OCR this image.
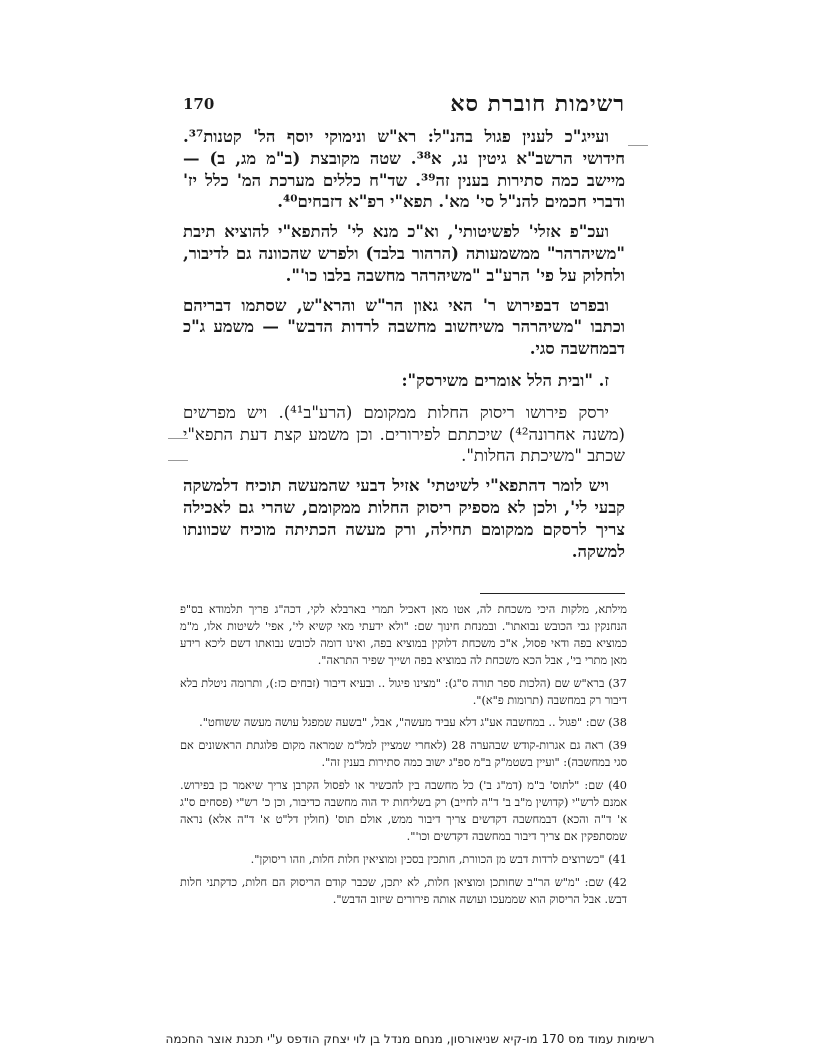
170	רשימות חוברת סא

ועייג"כ לענין פגול בהנ"ל: רא"ש ונימוקי יוסף הל' קטנות³⁷. חידושי הרשב"א גיטין נג, א³⁸. שטה מקובצת (ב"מ מג, ב) — מיישב כמה סתירות בענין זה³⁹. שד"ח כללים מערכת המ' כלל יז' ודברי חכמים להנ"ל סי' מא'. תפא"י רפ"א דזבחים⁴⁰.

ועכ"פ אזלי' לפשיטותי', וא"כ מנא לי' להתפא"י להוציא תיבת "משיהרהר" ממשמעותה (הרהור בלבד) ולפרש שהכוונה גם לדיבור, ולחלוק על פי' הרע"ב "משיהרהר מחשבה בלבו כו'".

ובפרט דבפירוש ר' האי גאון הר"ש והרא"ש, שסתמו דבריהם וכתבו "משיהרהר משיחשוב מחשבה לרדות הדבש" — משמע ג"כ דבמחשבה סגי.

ז. "ובית הלל אומרים משירסק":

ירסק פירושו ריסוק החלות ממקומם (הרע"ב⁴¹). ויש מפרשים (משנה אחרונה⁴²) שיכתתם לפירורים. וכן משמע קצת דעת התפא"י שכתב "משיכתת החלות".

ויש לומר דהתפא"י לשיטתי' אזיל דבעי שהמעשה תוכיח דלמשקה קבעי לי', ולכן לא מספיק ריסוק החלות ממקומם, שהרי גם לאכילה צריך לרסקם ממקומם תחילה, ורק מעשה הכתיתה מוכיח שכוונתו למשקה.

מילתא, מלקות היכי משכחת לה, אטו מאן דאכיל תמרי בארבלא לקי, דכה"ג פריך תלמודא בס"פ הנחנקין גבי הכובש נבואתו". ובמנחת חינוך שם: "ולא ידעתי מאי קשיא לי', אפי' לשיטות אלו, מ"מ כמוציא בפה ודאי פסול, א"כ משכחת דלוקין במוציא בפה, ואינו דומה לכובש נבואתו דשם ליכא רידע מאן מתרי בי', אבל הכא משכחת לה במוציא בפה ושייך שפיר התראה".

37) ברא"ש שם (הלכות ספר תורה ס"ג): "מצינו פיגול .. ובעיא דיבור (זבחים כז:), ותרומה ניטלת בלא דיבור רק במחשבה (תרומות פ"א)".

38) שם: "פגול .. במחשבה אע"ג דלא עביד מעשה", אבל, "בשעה שמפגל עושה מעשה ששוחט".

39) ראה גם אגרות-קודש שבהערה 28 (לאחרי שמציין למל"מ שמראה מקום פלוגתת הראשונים אם סגי במחשבה): "ועיין בשטמ"ק ב"מ ספ"ג ישוב כמה סתירות בענין זה".

40) שם: "לתוס' ב"מ (דמ"ג ב') כל מחשבה בין להכשיר או לפסול הקרבן צריך שיאמר כן בפירוש. אמנם לרש"י (קדושין מ"ב ב' ד"ה לחייב) רק בשליחות יד הוה מחשבה כדיבור, וכן כ' רש"י (פסחים ס"ג א' ד"ה והכא) דבמחשבה דקדשים צריך דיבור ממש, אולם תוס' (חולין דל"ט א' ד"ה אלא) נראה שמסתפקין אם צריך דיבור במחשבה דקדשים וכו'".

41) "כשרוצים לרדות דבש מן הכוורת, חותכין בסכין ומוציאין חלות חלות, וזהו ריסוקן".

42) שם: "מ"ש הר"ב שחותכן ומוציאן חלות, לא יתכן, שכבר קודם הריסוק הם חלות, כדקתני חלות דבש. אבל הריסוק הוא שממעכו ועושה אותה פירורים שיזוב הדבש".

רשימות עמוד מס 170 מו-קיא שניאורסון, מנחם מנדל בן לוי יצחק הודפס ע"י תכנת אוצר החכמה
